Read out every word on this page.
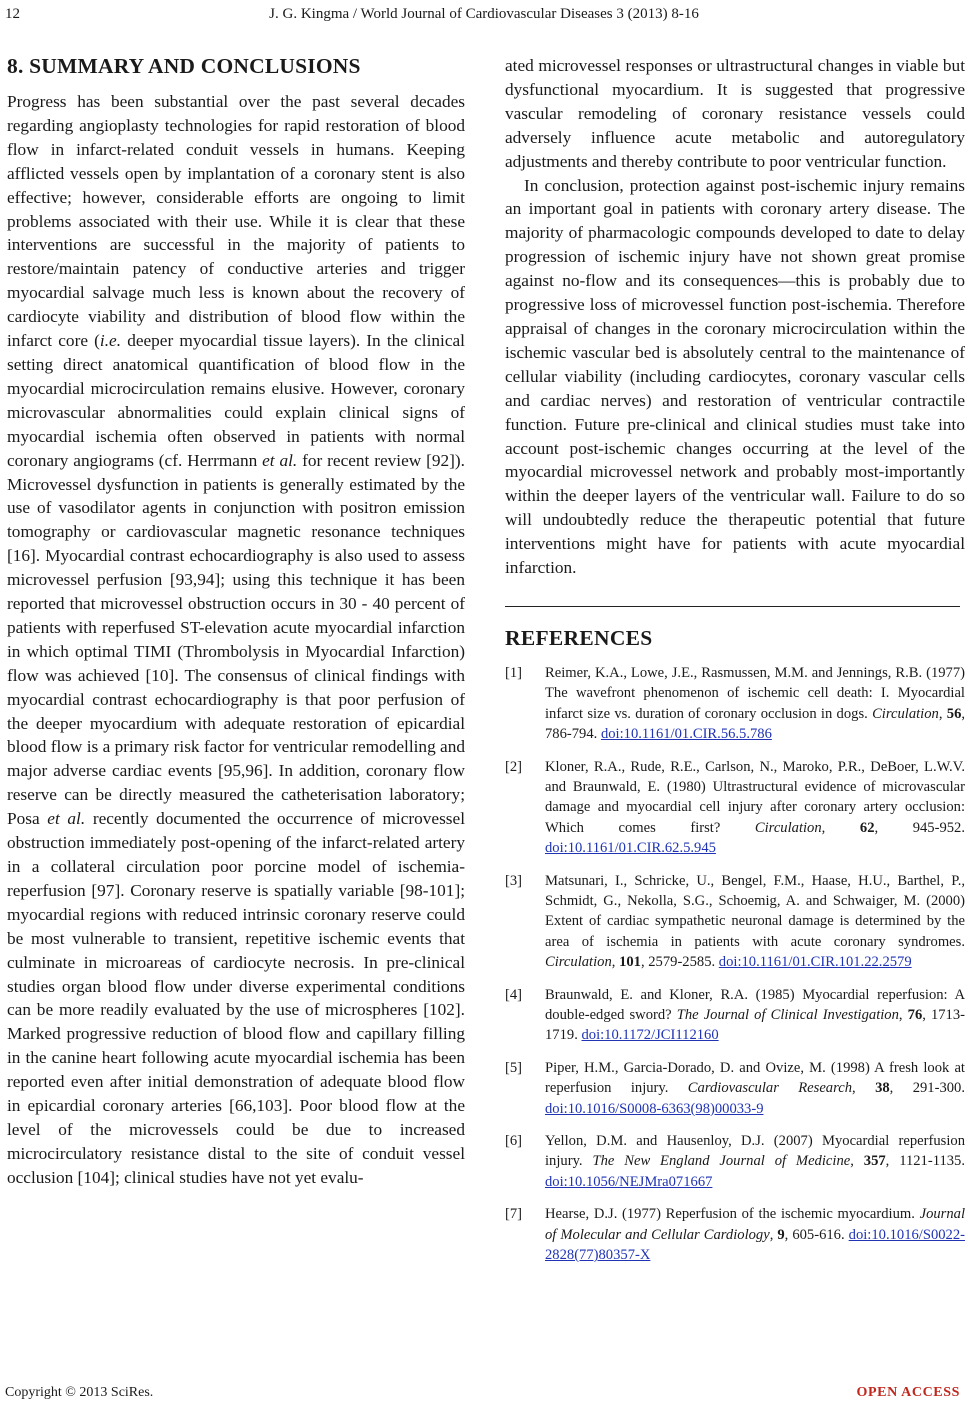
12	J. G. Kingma / World Journal of Cardiovascular Diseases 3 (2013) 8-16
8. SUMMARY AND CONCLUSIONS

Progress has been substantial over the past several decades regarding angioplasty technologies for rapid restoration of blood flow in infarct-related conduit vessels in humans. Keeping afflicted vessels open by implantation of a coronary stent is also effective; however, considerable efforts are ongoing to limit problems associated with their use. While it is clear that these interventions are successful in the majority of patients to restore/maintain patency of conductive arteries and trigger myocardial salvage much less is known about the recovery of cardiocyte viability and distribution of blood flow within the infarct core (i.e. deeper myocardial tissue layers). In the clinical setting direct anatomical quantification of blood flow in the myocardial microcirculation remains elusive. However, coronary microvascular abnormalities could explain clinical signs of myocardial ischemia often observed in patients with normal coronary angiograms (cf. Herrmann et al. for recent review [92]). Microvessel dysfunction in patients is generally estimated by the use of vasodilator agents in conjunction with positron emission tomography or cardiovascular magnetic resonance techniques [16]. Myocardial contrast echocardiography is also used to assess microvessel perfusion [93,94]; using this technique it has been reported that microvessel obstruction occurs in 30 - 40 percent of patients with reperfused ST-elevation acute myocardial infarction in which optimal TIMI (Thrombolysis in Myocardial Infarction) flow was achieved [10]. The consensus of clinical findings with myocardial contrast echocardiography is that poor perfusion of the deeper myocardium with adequate restoration of epicardial blood flow is a primary risk factor for ventricular remodelling and major adverse cardiac events [95,96]. In addition, coronary flow reserve can be directly measured the catheterisation laboratory; Posa et al. recently documented the occurrence of microvessel obstruction immediately post-opening of the infarct-related artery in a collateral circulation poor porcine model of ischemia-reperfusion [97]. Coronary reserve is spatially variable [98-101]; myocardial regions with reduced intrinsic coronary reserve could be most vulnerable to transient, repetitive ischemic events that culminate in microareas of cardiocyte necrosis. In pre-clinical studies organ blood flow under diverse experimental conditions can be more readily evaluated by the use of microspheres [102]. Marked progressive reduction of blood flow and capillary filling in the canine heart following acute myocardial ischemia has been reported even after initial demonstration of adequate blood flow in epicardial coronary arteries [66,103]. Poor blood flow at the level of the microvessels could be due to increased microcirculatory resistance distal to the site of conduit vessel occlusion [104]; clinical studies have not yet evalu-

ated microvessel responses or ultrastructural changes in viable but dysfunctional myocardium. It is suggested that progressive vascular remodeling of coronary resistance vessels could adversely influence acute metabolic and autoregulatory adjustments and thereby contribute to poor ventricular function.

In conclusion, protection against post-ischemic injury remains an important goal in patients with coronary artery disease. The majority of pharmacologic compounds developed to date to delay progression of ischemic injury have not shown great promise against no-flow and its consequences—this is probably due to progressive loss of microvessel function post-ischemia. Therefore appraisal of changes in the coronary microcirculation within the ischemic vascular bed is absolutely central to the maintenance of cellular viability (including cardiocytes, coronary vascular cells and cardiac nerves) and restoration of ventricular contractile function. Future pre-clinical and clinical studies must take into account post-ischemic changes occurring at the level of the myocardial microvessel network and probably most-importantly within the deeper layers of the ventricular wall. Failure to do so will undoubtedly reduce the therapeutic potential that future interventions might have for patients with acute myocardial infarction.

REFERENCES
[1] Reimer, K.A., Lowe, J.E., Rasmussen, M.M. and Jennings, R.B. (1977) The wavefront phenomenon of ischemic cell death: I. Myocardial infarct size vs. duration of coronary occlusion in dogs. Circulation, 56, 786-794. doi:10.1161/01.CIR.56.5.786
[2] Kloner, R.A., Rude, R.E., Carlson, N., Maroko, P.R., DeBoer, L.W.V. and Braunwald, E. (1980) Ultrastructural evidence of microvascular damage and myocardial cell injury after coronary artery occlusion: Which comes first? Circulation, 62, 945-952. doi:10.1161/01.CIR.62.5.945
[3] Matsunari, I., Schricke, U., Bengel, F.M., Haase, H.U., Barthel, P., Schmidt, G., Nekolla, S.G., Schoemig, A. and Schwaiger, M. (2000) Extent of cardiac sympathetic neuronal damage is determined by the area of ischemia in patients with acute coronary syndromes. Circulation, 101, 2579-2585. doi:10.1161/01.CIR.101.22.2579
[4] Braunwald, E. and Kloner, R.A. (1985) Myocardial reperfusion: A double-edged sword? The Journal of Clinical Investigation, 76, 1713-1719. doi:10.1172/JCI112160
[5] Piper, H.M., Garcia-Dorado, D. and Ovize, M. (1998) A fresh look at reperfusion injury. Cardiovascular Research, 38, 291-300. doi:10.1016/S0008-6363(98)00033-9
[6] Yellon, D.M. and Hausenloy, D.J. (2007) Myocardial reperfusion injury. The New England Journal of Medicine, 357, 1121-1135. doi:10.1056/NEJMra071667
[7] Hearse, D.J. (1977) Reperfusion of the ischemic myocardium. Journal of Molecular and Cellular Cardiology, 9, 605-616. doi:10.1016/S0022-2828(77)80357-X
Copyright © 2013 SciRes.	OPEN ACCESS
